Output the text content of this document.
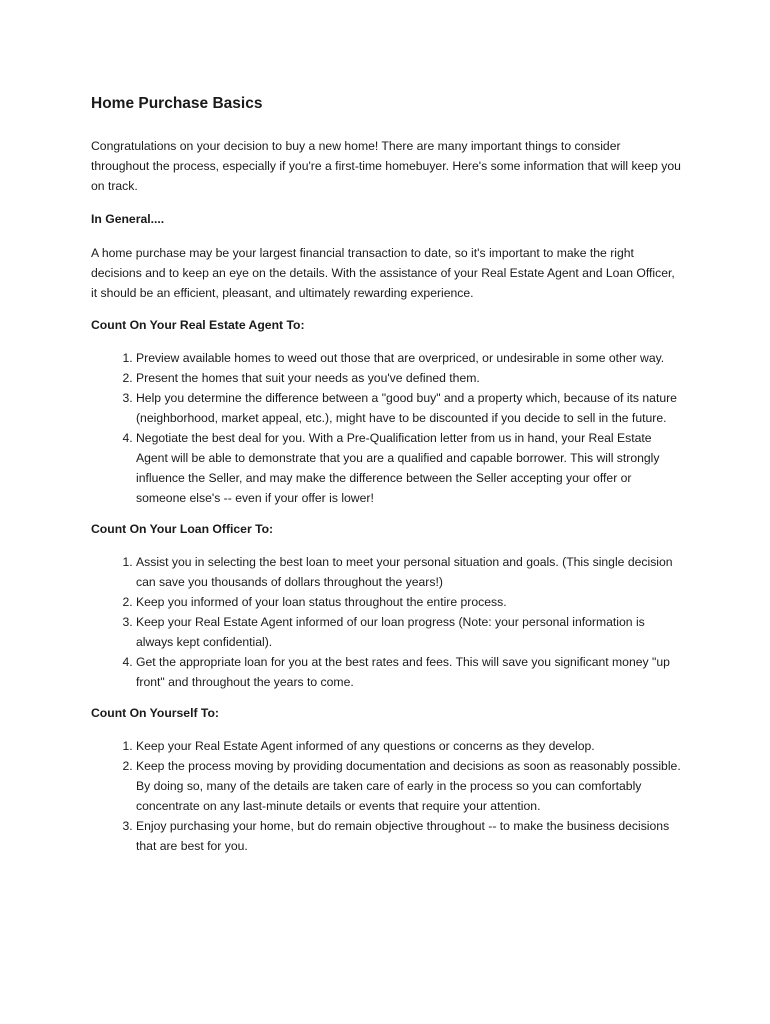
Home Purchase Basics

Congratulations on your decision to buy a new home! There are many important things to consider throughout the process, especially if you're a first-time homebuyer. Here's some information that will keep you on track.

In General....

A home purchase may be your largest financial transaction to date, so it's important to make the right decisions and to keep an eye on the details. With the assistance of your Real Estate Agent and Loan Officer, it should be an efficient, pleasant, and ultimately rewarding experience.

Count On Your Real Estate Agent To:

1. Preview available homes to weed out those that are overpriced, or undesirable in some other way.
2. Present the homes that suit your needs as you've defined them.
3. Help you determine the difference between a "good buy" and a property which, because of its nature (neighborhood, market appeal, etc.), might have to be discounted if you decide to sell in the future.
4. Negotiate the best deal for you. With a Pre-Qualification letter from us in hand, your Real Estate Agent will be able to demonstrate that you are a qualified and capable borrower. This will strongly influence the Seller, and may make the difference between the Seller accepting your offer or someone else's -- even if your offer is lower!

Count On Your Loan Officer To:

1. Assist you in selecting the best loan to meet your personal situation and goals. (This single decision can save you thousands of dollars throughout the years!)
2. Keep you informed of your loan status throughout the entire process.
3. Keep your Real Estate Agent informed of our loan progress (Note: your personal information is always kept confidential).
4. Get the appropriate loan for you at the best rates and fees. This will save you significant money "up front" and throughout the years to come.

Count On Yourself To:

1. Keep your Real Estate Agent informed of any questions or concerns as they develop.
2. Keep the process moving by providing documentation and decisions as soon as reasonably possible. By doing so, many of the details are taken care of early in the process so you can comfortably concentrate on any last-minute details or events that require your attention.
3. Enjoy purchasing your home, but do remain objective throughout -- to make the business decisions that are best for you.
